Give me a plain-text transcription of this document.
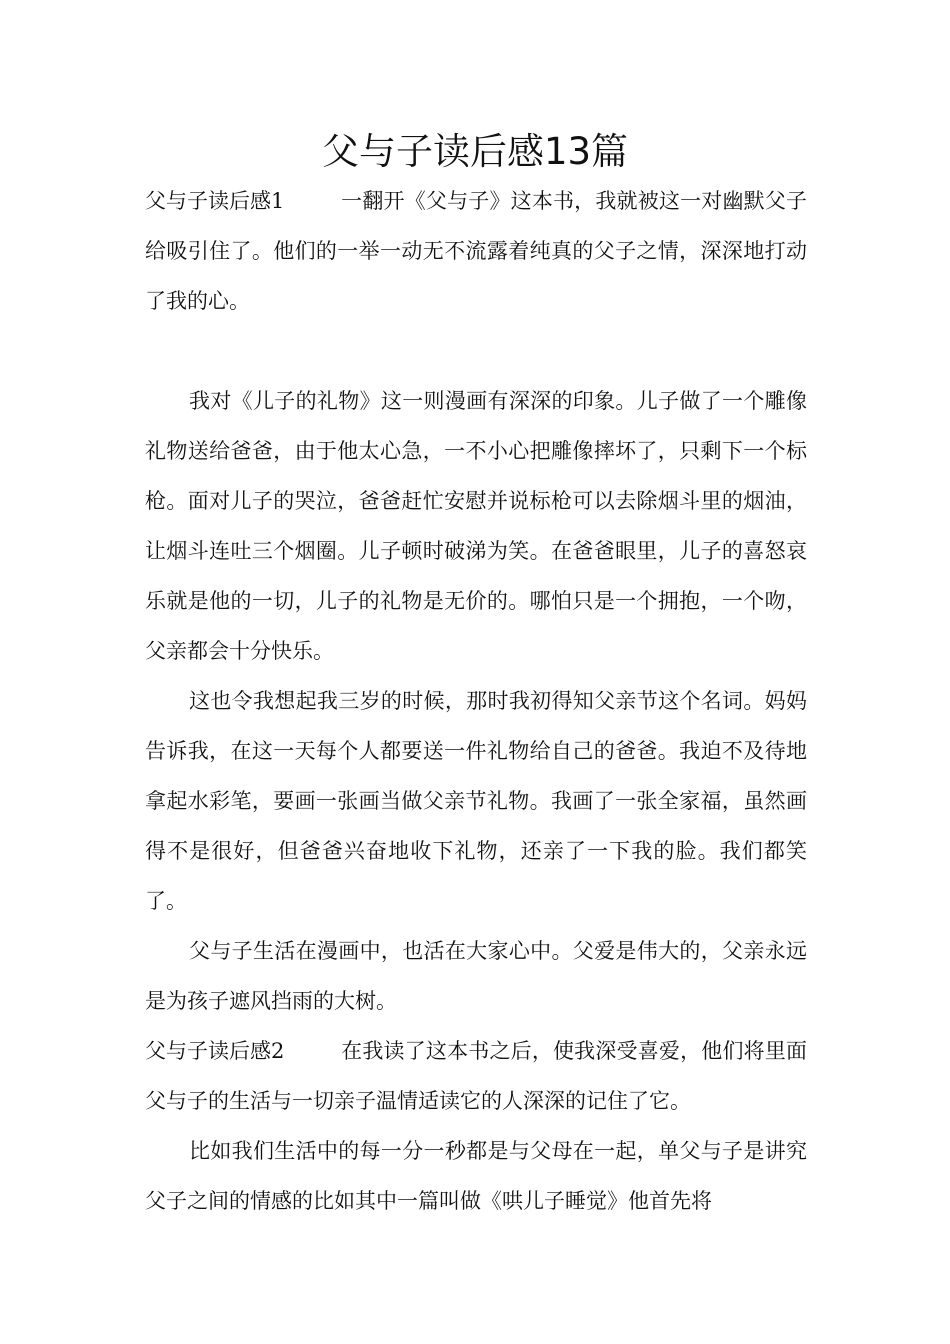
父与子读后感13篇

父与子读后感1	一翻开《父与子》这本书，我就被这一对幽默父子给吸引住了。他们的一举一动无不流露着纯真的父子之情，深深地打动了我的心。

我对《儿子的礼物》这一则漫画有深深的印象。儿子做了一个雕像礼物送给爸爸，由于他太心急，一不小心把雕像摔坏了，只剩下一个标枪。面对儿子的哭泣，爸爸赶忙安慰并说标枪可以去除烟斗里的烟油，让烟斗连吐三个烟圈。儿子顿时破涕为笑。在爸爸眼里，儿子的喜怒哀乐就是他的一切，儿子的礼物是无价的。哪怕只是一个拥抱，一个吻，父亲都会十分快乐。

这也令我想起我三岁的时候，那时我初得知父亲节这个名词。妈妈告诉我，在这一天每个人都要送一件礼物给自己的爸爸。我迫不及待地拿起水彩笔，要画一张画当做父亲节礼物。我画了一张全家福，虽然画得不是很好，但爸爸兴奋地收下礼物，还亲了一下我的脸。我们都笑了。

父与子生活在漫画中，也活在大家心中。父爱是伟大的，父亲永远是为孩子遮风挡雨的大树。

父与子读后感2	在我读了这本书之后，使我深受喜爱，他们将里面父与子的生活与一切亲子温情适读它的人深深的记住了它。

比如我们生活中的每一分一秒都是与父母在一起，单父与子是讲究父子之间的情感的比如其中一篇叫做《哄儿子睡觉》他首先将
